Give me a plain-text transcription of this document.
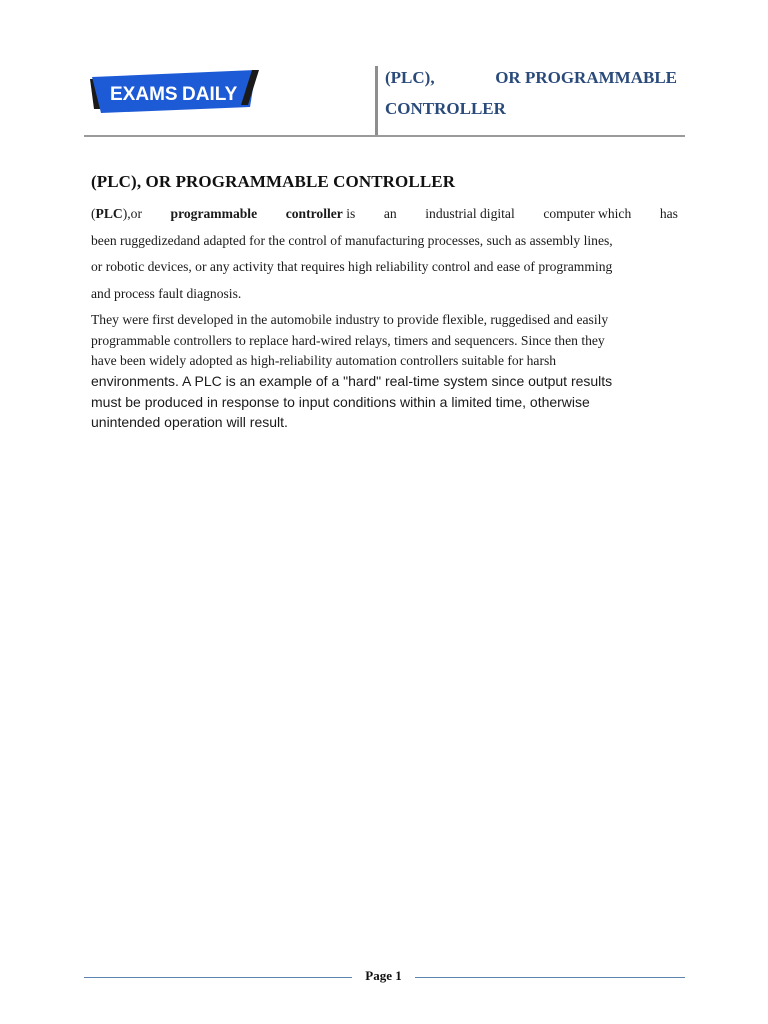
EXAMS DAILY
(PLC),	OR PROGRAMMABLE
CONTROLLER
(PLC), OR PROGRAMMABLE CONTROLLER
(PLC),or programmable controller is an industrial digital computer which has
been ruggedizedand adapted for the control of manufacturing processes, such as assembly lines,
or robotic devices, or any activity that requires high reliability control and ease of programming
and process fault diagnosis.
They were first developed in the automobile industry to provide flexible, ruggedised and easily
programmable controllers to replace hard-wired relays, timers and sequencers. Since then they
have been widely adopted as high-reliability automation controllers suitable for harsh
environments. A PLC is an example of a "hard" real-time system since output results
must be produced in response to input conditions within a limited time, otherwise
unintended operation will result.
Page 1
